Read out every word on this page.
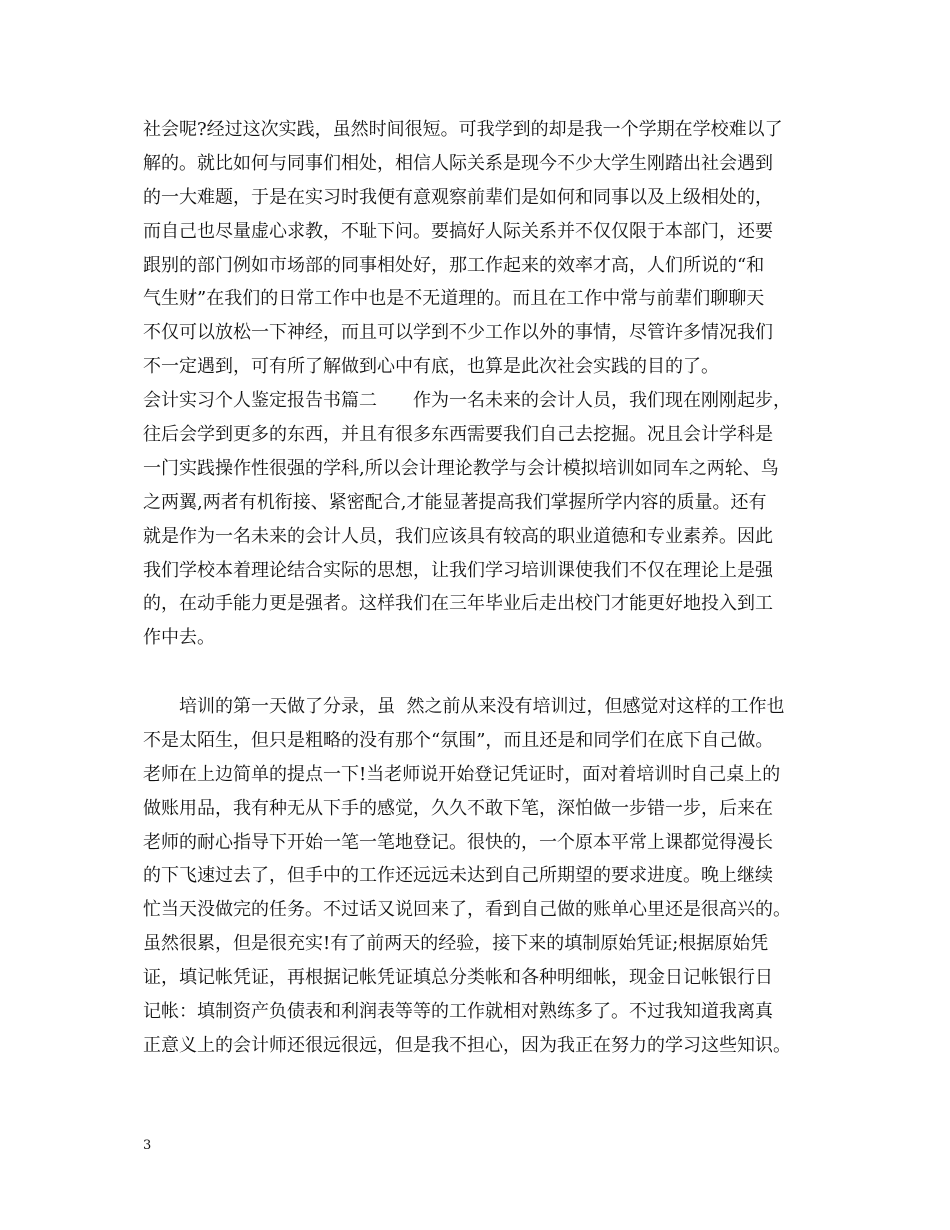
社会呢?经过这次实践，虽然时间很短。可我学到的却是我一个学期在学校难以了
解的。就比如何与同事们相处，相信人际关系是现今不少大学生刚踏出社会遇到
的一大难题，于是在实习时我便有意观察前辈们是如何和同事以及上级相处的，
而自己也尽量虚心求教，不耻下问。要搞好人际关系并不仅仅限于本部门，还要
跟别的部门例如市场部的同事相处好，那工作起来的效率才高，人们所说的“和
气生财”在我们的日常工作中也是不无道理的。而且在工作中常与前辈们聊聊天
不仅可以放松一下神经，而且可以学到不少工作以外的事情，尽管许多情况我们
不一定遇到，可有所了解做到心中有底，也算是此次社会实践的目的了。
会计实习个人鉴定报告书篇二　　作为一名未来的会计人员，我们现在刚刚起步，
往后会学到更多的东西，并且有很多东西需要我们自己去挖掘。况且会计学科是
一门实践操作性很强的学科,所以会计理论教学与会计模拟培训如同车之两轮、鸟
之两翼,两者有机衔接、紧密配合,才能显著提高我们掌握所学内容的质量。还有
就是作为一名未来的会计人员，我们应该具有较高的职业道德和专业素养。因此
我们学校本着理论结合实际的思想，让我们学习培训课使我们不仅在理论上是强
的，在动手能力更是强者。这样我们在三年毕业后走出校门才能更好地投入到工
作中去。
　　培训的第一天做了分录，虽  然之前从来没有培训过，但感觉对这样的工作也
不是太陌生，但只是粗略的没有那个“氛围”，而且还是和同学们在底下自己做。
老师在上边简单的提点一下!当老师说开始登记凭证时，面对着培训时自己桌上的
做账用品，我有种无从下手的感觉，久久不敢下笔，深怕做一步错一步，后来在
老师的耐心指导下开始一笔一笔地登记。很快的，一个原本平常上课都觉得漫长
的下飞速过去了，但手中的工作还远远未达到自己所期望的要求进度。晚上继续
忙当天没做完的任务。不过话又说回来了，看到自己做的账单心里还是很高兴的。
虽然很累，但是很充实!有了前两天的经验，接下来的填制原始凭证;根据原始凭
证，填记帐凭证，再根据记帐凭证填总分类帐和各种明细帐，现金日记帐银行日
记帐：填制资产负债表和利润表等等的工作就相对熟练多了。不过我知道我离真
正意义上的会计师还很远很远，但是我不担心，因为我正在努力的学习这些知识。
3
